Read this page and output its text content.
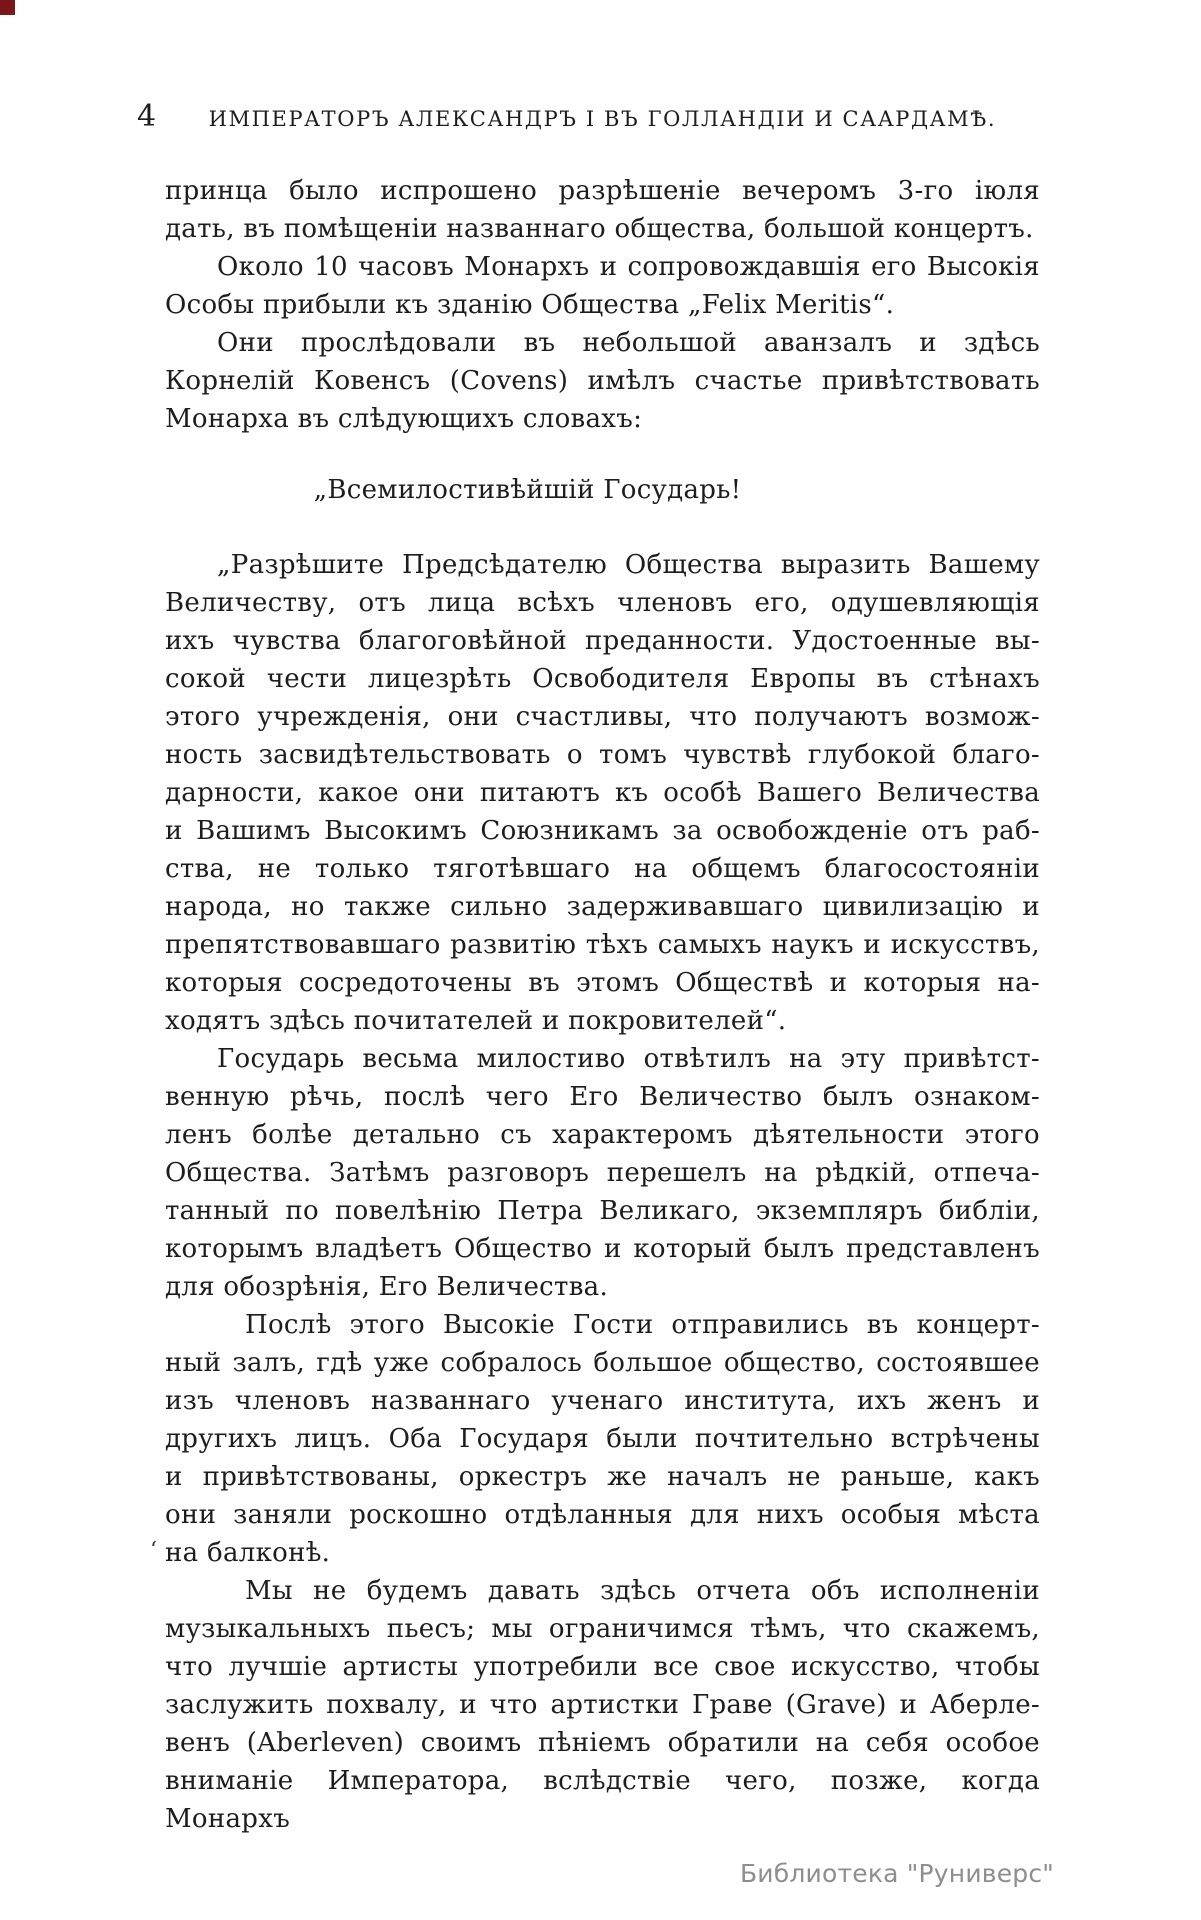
4 ИМПЕРАТОРЪ АЛЕКСАНДРЪ I ВЪ ГОЛЛАНДІИ И СААРДАМѢ.
принца было испрошено разрѣшеніе вечеромъ 3-го іюля
дать, въ помѣщеніи названнаго общества, большой концертъ.
Около 10 часовъ Монархъ и сопровождавшія его Высокія
Особы прибыли къ зданію Общества „Felix Meritis“.
Они прослѣдовали въ небольшой аванзалъ и здѣсь
Корнелій Ковенсъ (Covens) имѣлъ счастье привѣтствовать
Монарха въ слѣдующихъ словахъ:
„Всемилостивѣйшій Государь!
„Разрѣшите Предсѣдателю Общества выразить Вашему
Величеству, отъ лица всѣхъ членовъ его, одушевляющія
ихъ чувства благоговѣйной преданности. Удостоенные вы-
сокой чести лицезрѣть Освободителя Европы въ стѣнахъ
этого учрежденія, они счастливы, что получаютъ возмож-
ность засвидѣтельствовать о томъ чувствѣ глубокой благо-
дарности, какое они питаютъ къ особѣ Вашего Величества
и Вашимъ Высокимъ Союзникамъ за освобожденіе отъ раб-
ства, не только тяготѣвшаго на общемъ благосостояніи
народа, но также сильно задерживавшаго цивилизацію и
препятствовавшаго развитію тѣхъ самыхъ наукъ и искусствъ,
которыя сосредоточены въ этомъ Обществѣ и которыя на-
ходятъ здѣсь почитателей и покровителей“.
Государь весьма милостиво отвѣтилъ на эту привѣтст-
венную рѣчь, послѣ чего Его Величество былъ ознаком-
ленъ болѣе детально съ характеромъ дѣятельности этого
Общества. Затѣмъ разговоръ перешелъ на рѣдкій, отпеча-
танный по повелѣнію Петра Великаго, экземпляръ библіи,
которымъ владѣетъ Общество и который былъ представленъ
для обозрѣнія, Его Величества.
Послѣ этого Высокіе Гости отправились въ концерт-
ный залъ, гдѣ уже собралось большое общество, состоявшее
изъ членовъ названнаго ученаго института, ихъ женъ и
другихъ лицъ. Оба Государя были почтительно встрѣчены
и привѣтствованы, оркестръ же началъ не раньше, какъ
они заняли роскошно отдѣланныя для нихъ особыя мѣста
на балконѣ.
Мы не будемъ давать здѣсь отчета объ исполненіи
музыкальныхъ пьесъ; мы ограничимся тѣмъ, что скажемъ,
что лучшіе артисты употребили все свое искусство, чтобы
заслужить похвалу, и что артистки Граве (Grave) и Аберле-
венъ (Aberleven) своимъ пѣніемъ обратили на себя особое
вниманіе Императора, вслѣдствіе чего, позже, когда Монархъ
‘
Библиотека "Руниверс"
